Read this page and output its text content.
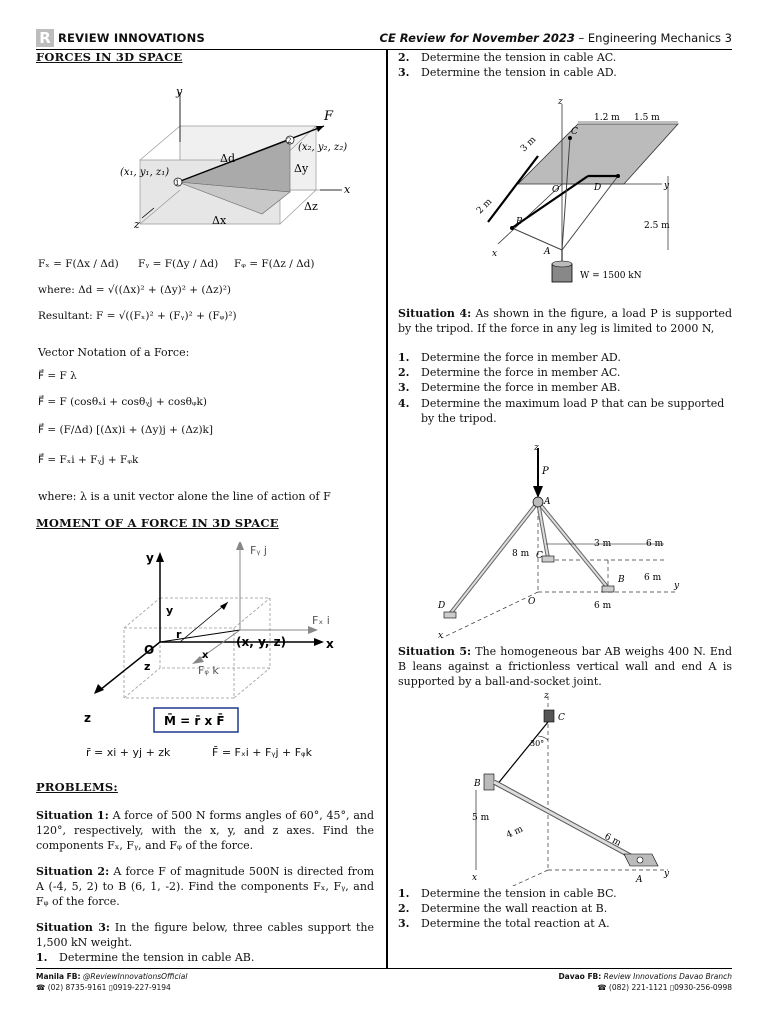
R REVIEW INNOVATIONS	CE Review for November 2023 – Engineering Mechanics 3
FORCES IN 3D SPACE
y
F
x
z
Δd
Δy
Δz
Δx
(x₁, y₁, z₁)
(x₂, y₂, z₂)
1
2
Fₓ = F(Δx / Δd) Fᵧ = F(Δy / Δd) Fᵩ = F(Δz / Δd)
where: Δd = √((Δx)² + (Δy)² + (Δz)²)
Resultant: F = √((Fₓ)² + (Fᵧ)² + (Fᵩ)²)
Vector Notation of a Force:
F⃗ = F λ
F⃗ = F (cosθₓi + cosθᵧj + cosθᵩk)
F⃗ = (F/Δd) [(Δx)i + (Δy)j + (Δz)k]
F⃗ = Fₓi + Fᵧj + Fᵩk
where: λ is a unit vector alone the line of action of F
MOMENT OF A FORCE IN 3D SPACE
y
y
Fᵧ j
Fₓ i
Fᵩ k
O
r
(x, y, z)	x
x
z
z
M̄ = r̄ x F̄
r̄ = xi + yj + zk	F̄ = Fₓi + Fᵧj + Fᵩk
PROBLEMS:
Situation 1: A force of 500 N forms angles of 60°, 45°, and 120°, respectively, with the x, y, and z axes. Find the components Fₓ, Fᵧ, and Fᵩ of the force.
Situation 2: A force F of magnitude 500N is directed from A (-4, 5, 2) to B (6, 1, -2). Find the components Fₓ, Fᵧ, and Fᵩ of the force.
Situation 3: In the figure below, three cables support the 1,500 kN weight.
1. Determine the tension in cable AB.
2. Determine the tension in cable AC.
3. Determine the tension in cable AD.
z
C
1.2 m 1.5 m
3 m
O	D	y
2 m
B	2.5 m
x	A
W = 1500 kN
Situation 4: As shown in the figure, a load P is supported by the tripod. If the force in any leg is limited to 2000 N,
1. Determine the force in member AD.
2. Determine the force in member AC.
3. Determine the force in member AB.
4. Determine the maximum load P that can be supported by the tripod.
z
P
A
8 m C
3 m	6 m
B 6 m
O
y
6 m
D
x
Situation 5: The homogeneous bar AB weighs 400 N. End B leans against a frictionless vertical wall and end A is supported by a ball-and-socket joint.
z
C
30°
B
5 m
4 m	6 m
x	A
y
1. Determine the tension in cable BC.
2. Determine the wall reaction at B.
3. Determine the total reaction at A.
Manila FB: @ReviewInnovationsOfficial
☎ (02) 8735-9161 ▯0919-227-9194
Davao FB: Review Innovations Davao Branch
☎ (082) 221-1121 ▯0930-256-0998
